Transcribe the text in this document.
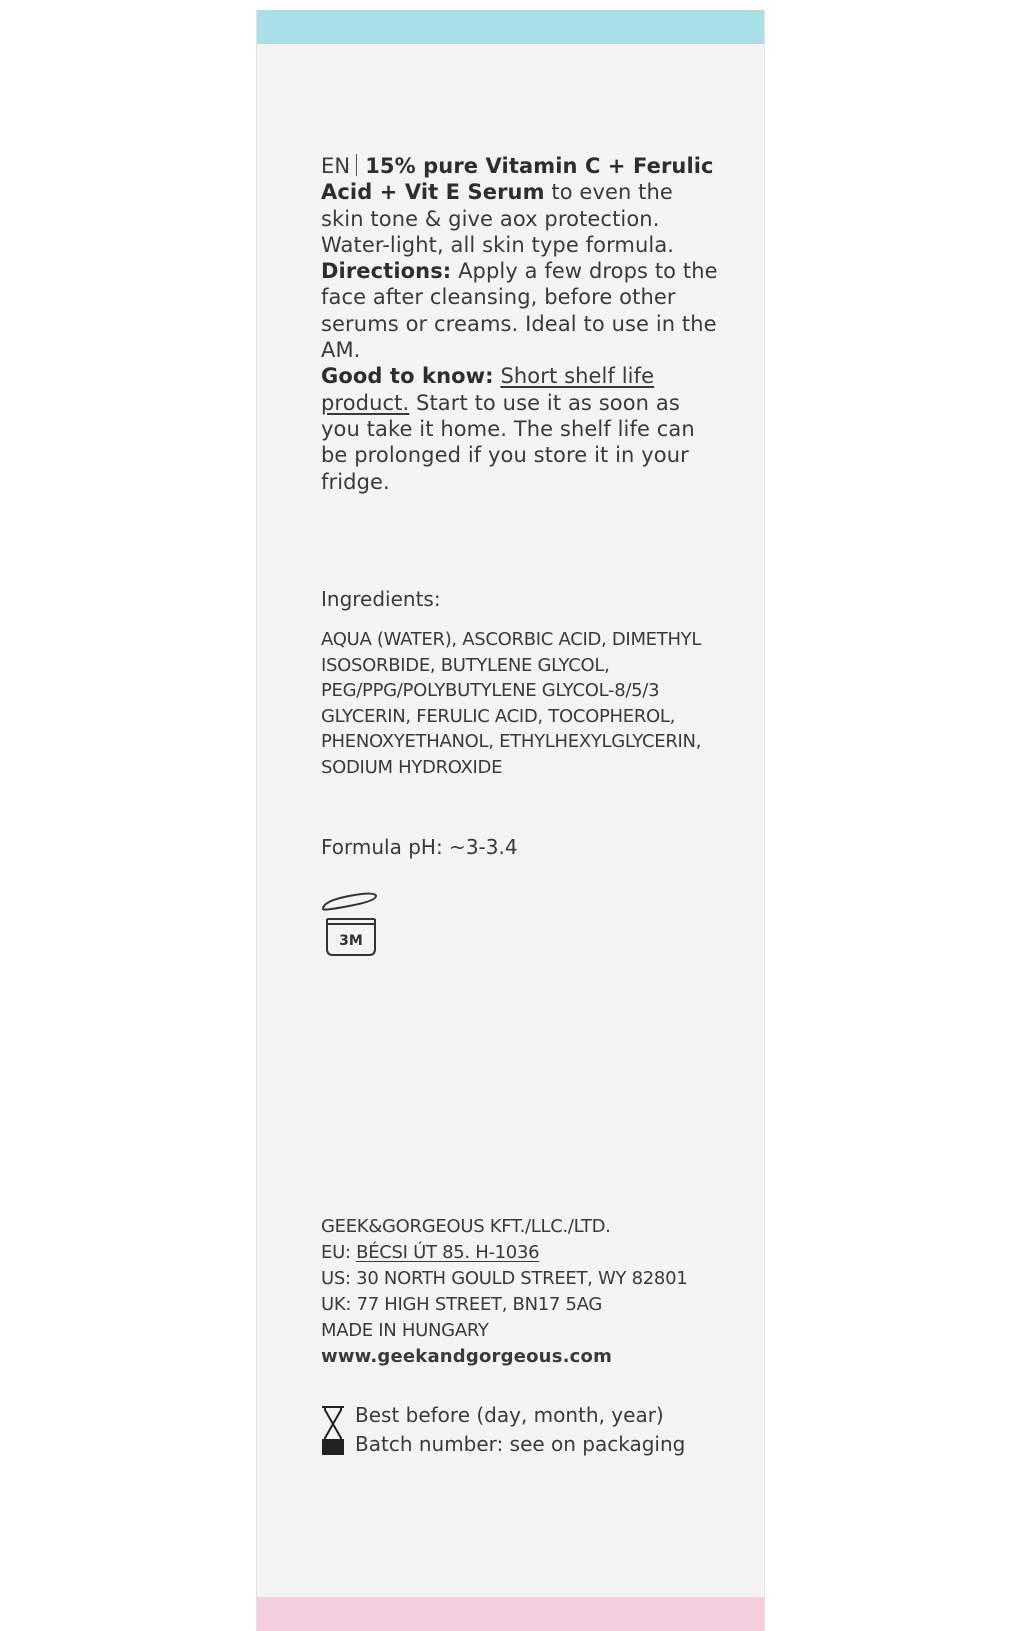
EN 15% pure Vitamin C + Ferulic Acid + Vit E Serum to even the skin tone & give aox protection. Water-light, all skin type formula.

Directions: Apply a few drops to the face after cleansing, before other serums or creams. Ideal to use in the AM.

Good to know: Short shelf life product. Start to use it as soon as you take it home. The shelf life can be prolonged if you store it in your fridge.

Ingredients:
AQUA (WATER), ASCORBIC ACID, DIMETHYL ISOSORBIDE, BUTYLENE GLYCOL, PEG/PPG/POLYBUTYLENE GLYCOL-8/5/3 GLYCERIN, FERULIC ACID, TOCOPHEROL, PHENOXYETHANOL, ETHYLHEXYLGLYCERIN, SODIUM HYDROXIDE
Formula pH: ~3-3.4
3M
GEEK&GORGEOUS KFT./LLC./LTD.
EU: BÉCSI ÚT 85. H-1036
US: 30 NORTH GOULD STREET, WY 82801
UK: 77 HIGH STREET, BN17 5AG
MADE IN HUNGARY
www.geekandgorgeous.com
Best before (day, month, year)
Batch number: see on packaging
